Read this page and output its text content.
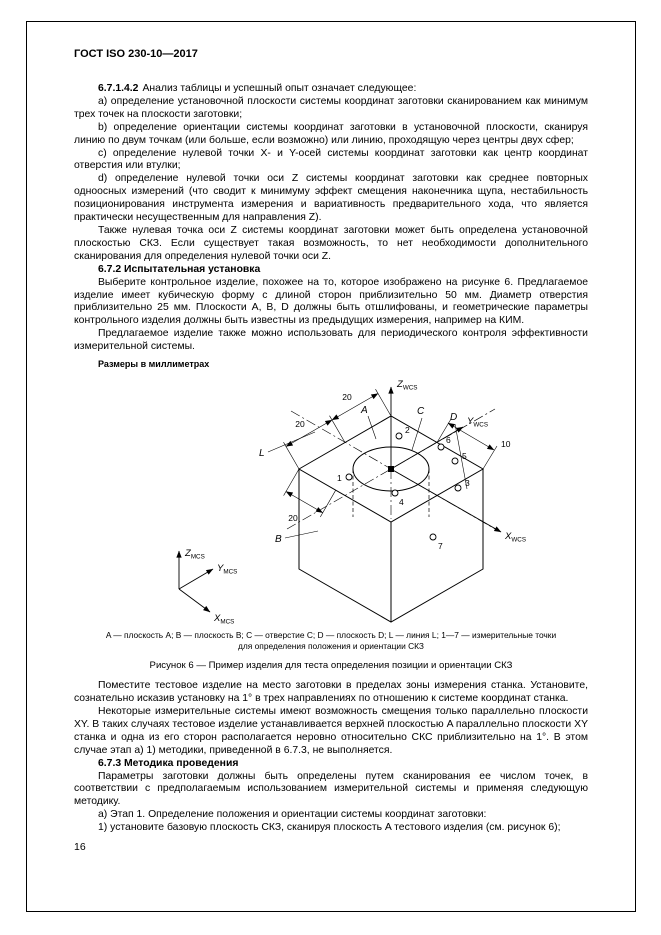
ГОСТ ISO 230-10—2017

6.7.1.4.2 Анализ таблицы и успешный опыт означает следующее:

a) определение установочной плоскости системы координат заготовки сканированием как минимум трех точек на плоскости заготовки;

b) определение ориентации системы координат заготовки в установочной плоскости, сканируя линию по двум точкам (или больше, если возможно) или линию, проходящую через центры двух сфер;

c) определение нулевой точки X- и Y-осей системы координат заготовки как центр координат отверстия или втулки;

d) определение нулевой точки оси Z системы координат заготовки как среднее повторных одноосных измерений (что сводит к минимуму эффект смещения наконечника щупа, нестабильность позиционирования инструмента измерения и вариативность предварительного хода, что является практически несущественным для направления Z).

Также нулевая точка оси Z системы координат заготовки может быть определена установочной плоскостью СКЗ. Если существует такая возможность, то нет необходимости дополнительного сканирования для определения нулевой точки оси Z.

6.7.2 Испытательная установка

Выберите контрольное изделие, похожее на то, которое изображено на рисунке 6. Предлагаемое изделие имеет кубическую форму с длиной сторон приблизительно 50 мм. Диаметр отверстия приблизительно 25 мм. Плоскости A, B, D должны быть отшлифованы, и геометрические параметры контрольного изделия должны быть известны из предыдущих измерения, например на КИМ.

Предлагаемое изделие также можно использовать для периодического контроля эффективности измерительной системы.

Размеры в миллиметрах
$Z_{WCS}$
$Y_{WCS}$
$X_{WCS}$
$Z_{MCS}$
$Y_{MCS}$
$X_{MCS}$
20
20
10
20
A	C
D
B
L
1
2
3
4
5
6
7
A — плоскость A; B — плоскость B; C — отверстие C; D — плоскость D; L — линия L; 1—7 — измерительные точки
для определения положения и ориентации СКЗ
Рисунок 6 — Пример изделия для теста определения позиции и ориентации СКЗ

Поместите тестовое изделие на место заготовки в пределах зоны измерения станка. Установите, сознательно исказив установку на 1° в трех направлениях по отношению к системе координат станка.

Некоторые измерительные системы имеют возможность смещения только параллельно плоскости XY. В таких случаях тестовое изделие устанавливается верхней плоскостью A параллельно плоскости XY станка и одна из его сторон располагается неровно относительно СКС приблизительно на 1°. В этом случае этап a) 1) методики, приведенной в 6.7.3, не выполняется.

6.7.3 Методика проведения

Параметры заготовки должны быть определены путем сканирования ее числом точек, в соответствии с предполагаемым использованием измерительной системы и применяя следующую методику.

a) Этап 1. Определение положения и ориентации системы координат заготовки:

1) установите базовую плоскость СКЗ, сканируя плоскость A тестового изделия (см. рисунок 6);

16
